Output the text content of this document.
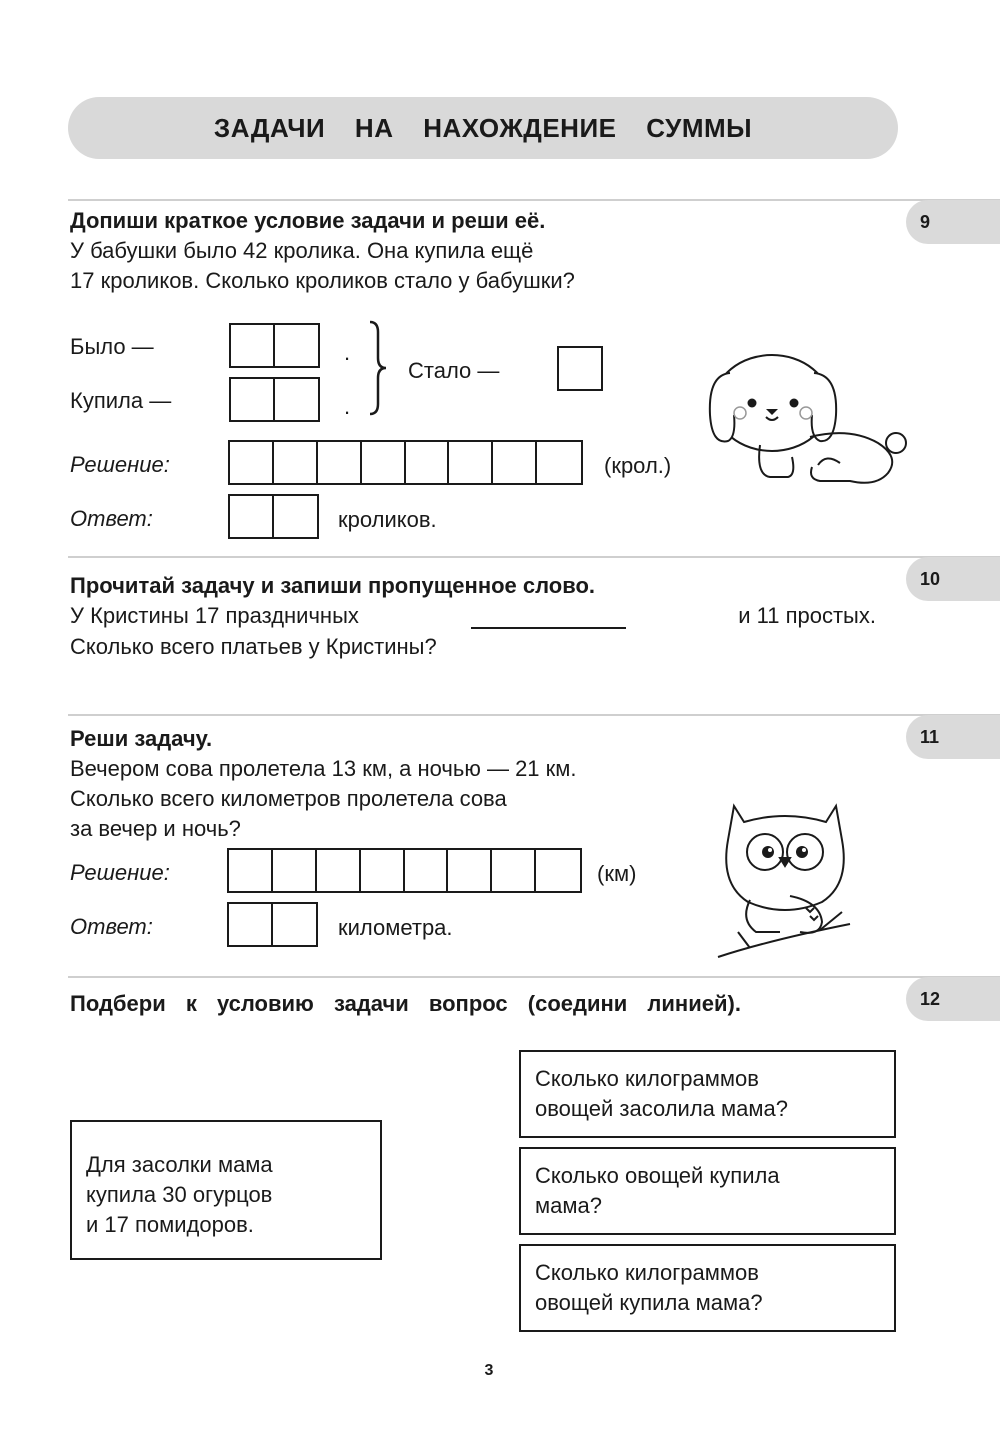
ЗАДАЧИ НА НАХОЖДЕНИЕ СУММЫ
9
Допиши краткое условие задачи и реши её.
У бабушки было 42 кролика. Она купила ещё
17 кроликов. Сколько кроликов стало у бабушки?
Было —	.
Купила —	.
Стало —
Решение:	(крол.)
Ответ:	кроликов.
10
Прочитай задачу и запиши пропущенное слово.
У Кристины 17 праздничных	и 11 простых.
Сколько всего платьев у Кристины?
11
Реши задачу.
Вечером сова пролетела 13 км, а ночью — 21 км.
Сколько всего километров пролетела сова
за вечер и ночь?
Решение:	(км)
Ответ:	километра.
12
Подбери к условию задачи вопрос (соедини линией).
Для засолки мама
купила 30 огурцов
и 17 помидоров.
Сколько килограммов
овощей засолила мама?
Сколько овощей купила
мама?
Сколько килограммов
овощей купила мама?
3
